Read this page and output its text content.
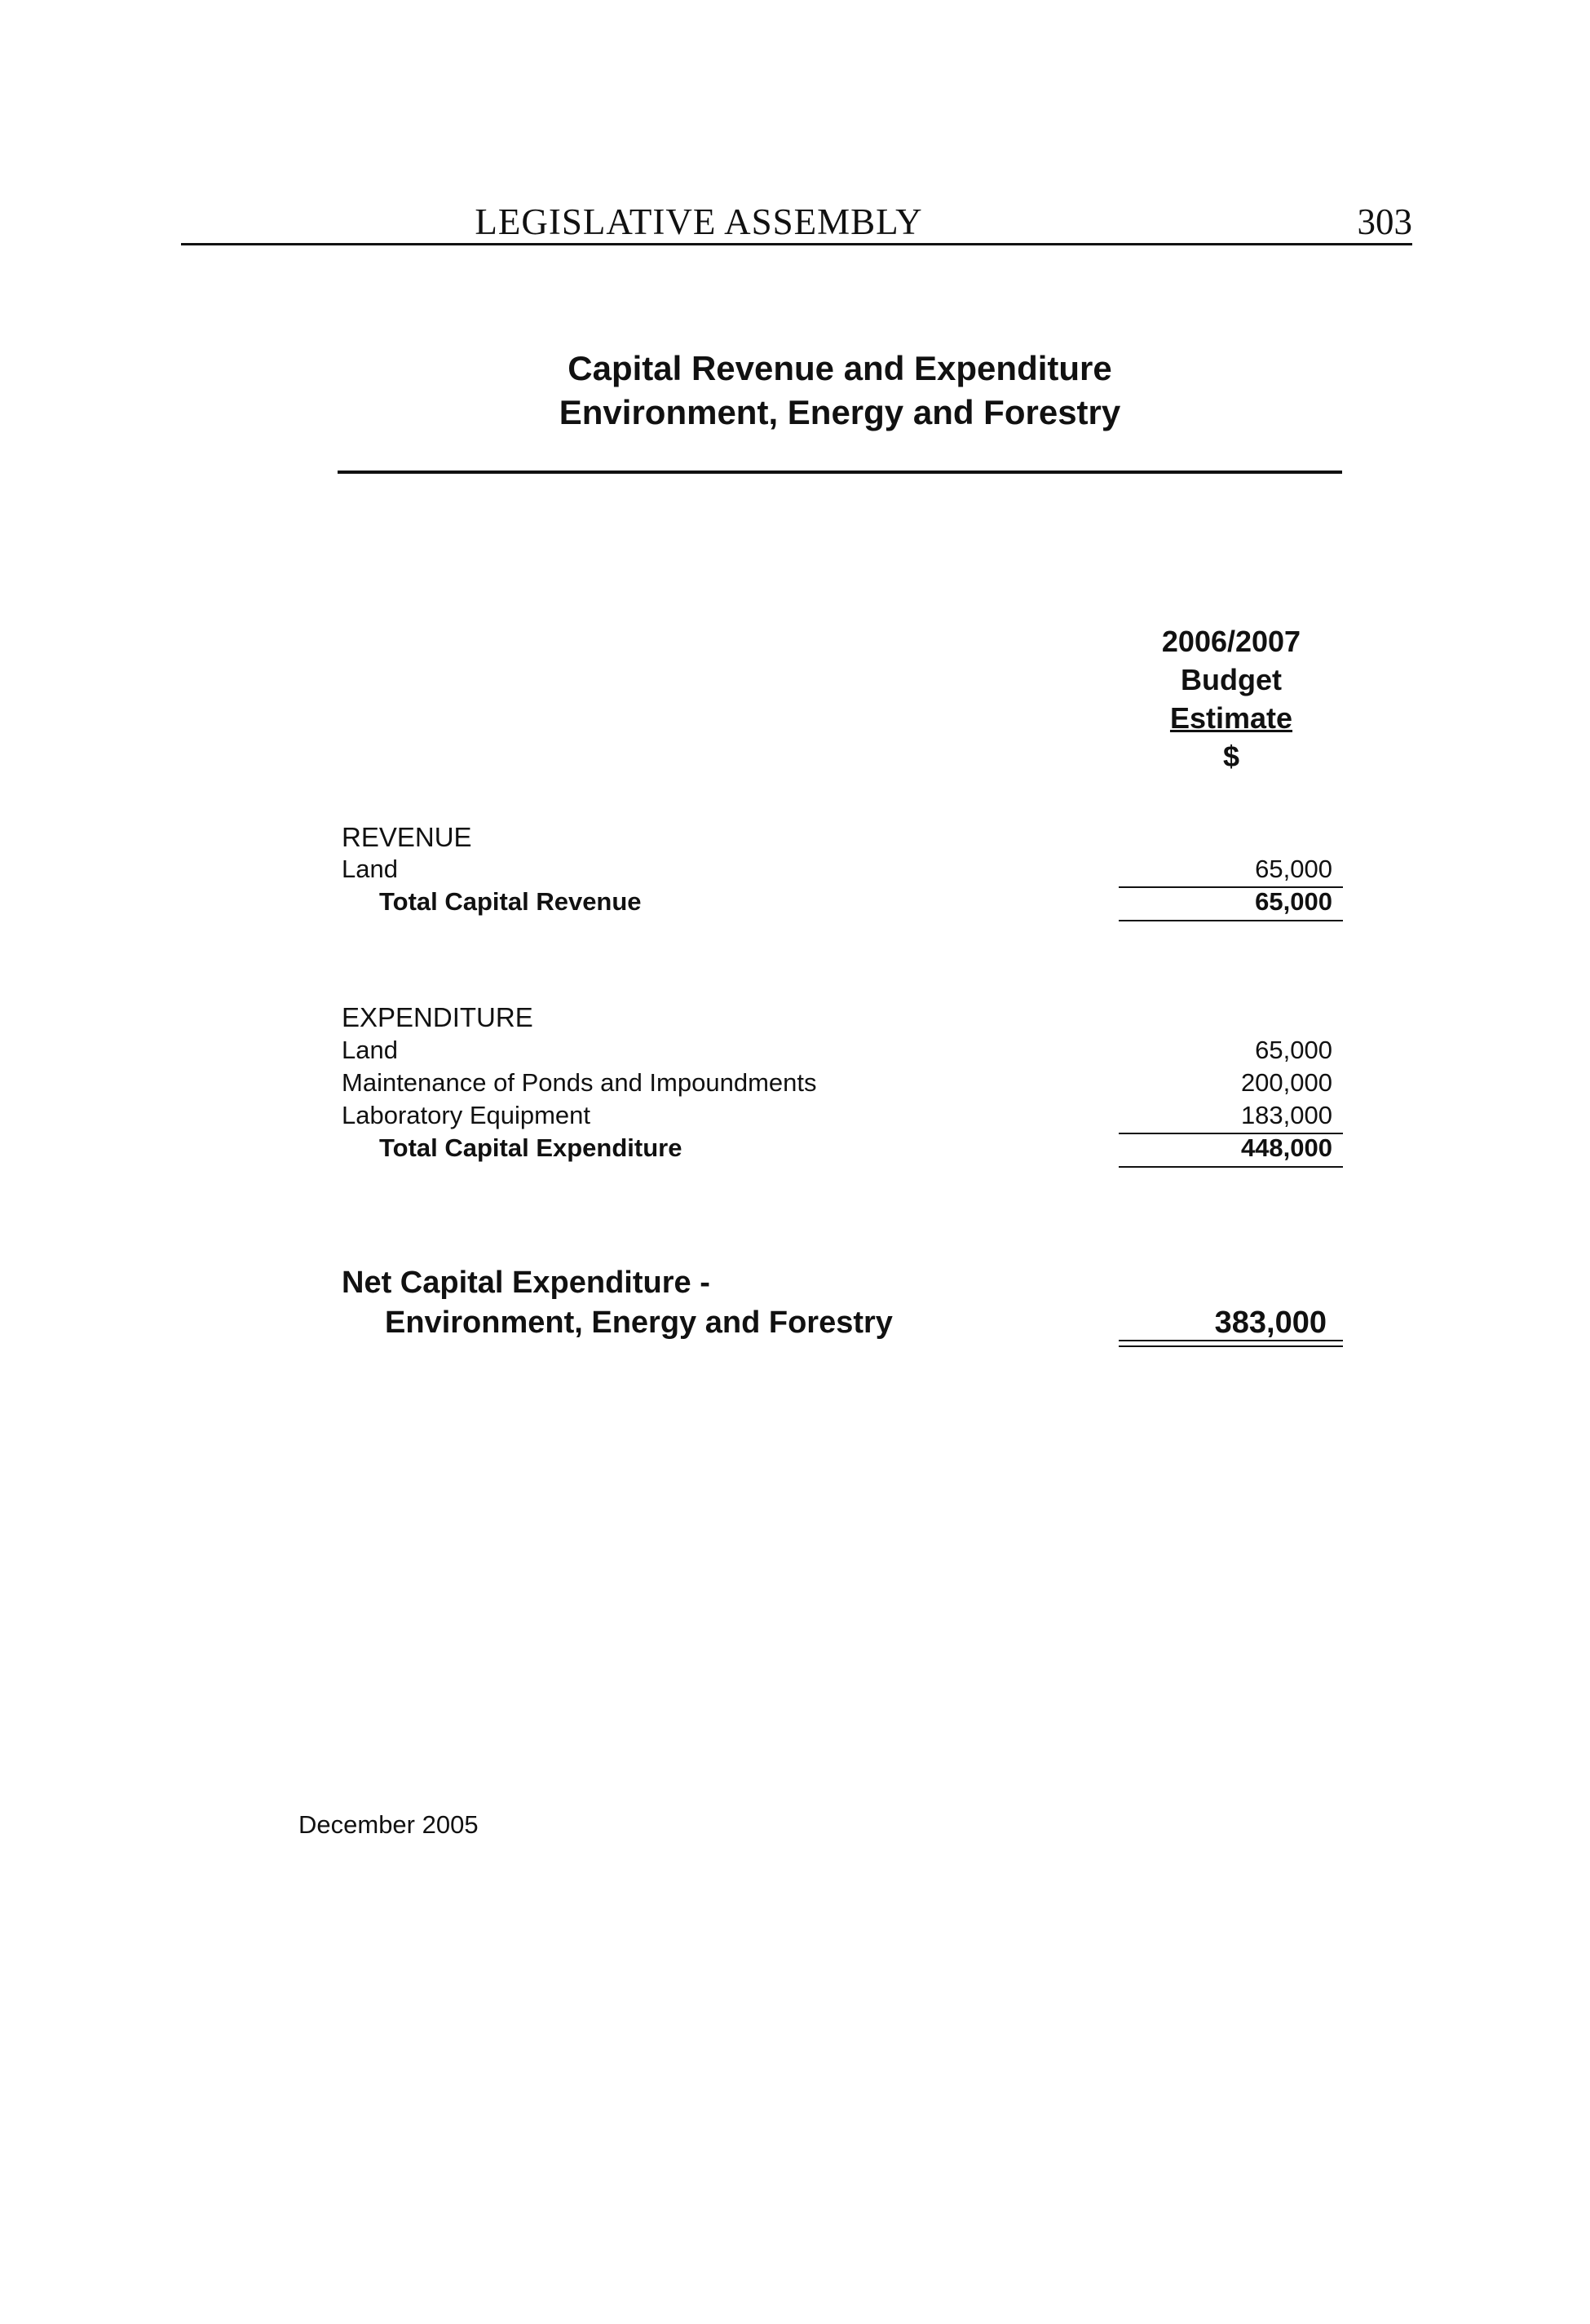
LEGISLATIVE ASSEMBLY	303
Capital Revenue and Expenditure
Environment, Energy and Forestry
2006/2007
Budget
Estimate
$
REVENUE
Land	65,000
Total Capital Revenue	65,000
EXPENDITURE
Land	65,000
Maintenance of Ponds and Impoundments	200,000
Laboratory Equipment	183,000
Total Capital Expenditure	448,000
Net Capital Expenditure -
Environment, Energy and Forestry	383,000
December 2005
